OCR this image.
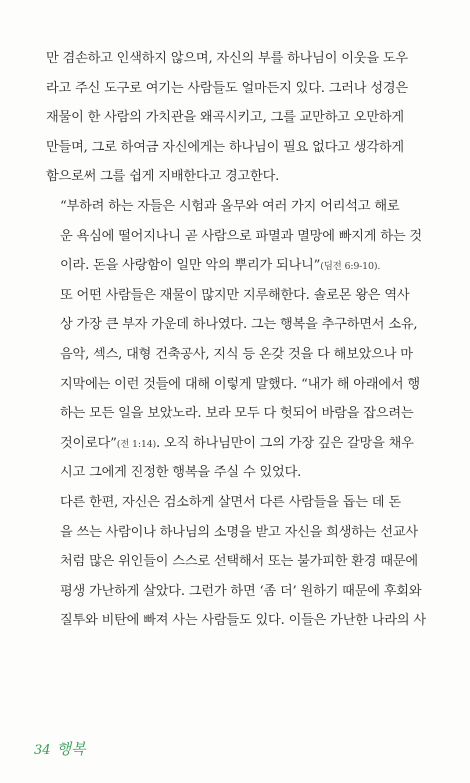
만 겸손하고 인색하지 않으며, 자신의 부를 하나님이 이웃을 도우
라고 주신 도구로 여기는 사람들도 얼마든지 있다. 그러나 성경은
재물이 한 사람의 가치관을 왜곡시키고, 그를 교만하고 오만하게
만들며, 그로 하여금 자신에게는 하나님이 필요 없다고 생각하게
함으로써 그를 쉽게 지배한다고 경고한다.
“부하려 하는 자들은 시험과 올무와 여러 가지 어리석고 해로
운 욕심에 떨어지나니 곧 사람으로 파멸과 멸망에 빠지게 하는 것
이라. 돈을 사랑함이 일만 악의 뿌리가 되나니”(딤전 6:9-10).
또 어떤 사람들은 재물이 많지만 지루해한다. 솔로몬 왕은 역사
상 가장 큰 부자 가운데 하나였다. 그는 행복을 추구하면서 소유,
음악, 섹스, 대형 건축공사, 지식 등 온갖 것을 다 해보았으나 마
지막에는 이런 것들에 대해 이렇게 말했다. “내가 해 아래에서 행
하는 모든 일을 보았노라. 보라 모두 다 헛되어 바람을 잡으려는
것이로다”(전 1:14). 오직 하나님만이 그의 가장 깊은 갈망을 채우
시고 그에게 진정한 행복을 주실 수 있었다.
다른 한편, 자신은 검소하게 살면서 다른 사람들을 돕는 데 돈
을 쓰는 사람이나 하나님의 소명을 받고 자신을 희생하는 선교사
처럼 많은 위인들이 스스로 선택해서 또는 불가피한 환경 때문에
평생 가난하게 살았다. 그런가 하면 ‘좀 더’ 원하기 때문에 후회와
질투와 비탄에 빠져 사는 사람들도 있다. 이들은 가난한 나라의 사
34 행복
